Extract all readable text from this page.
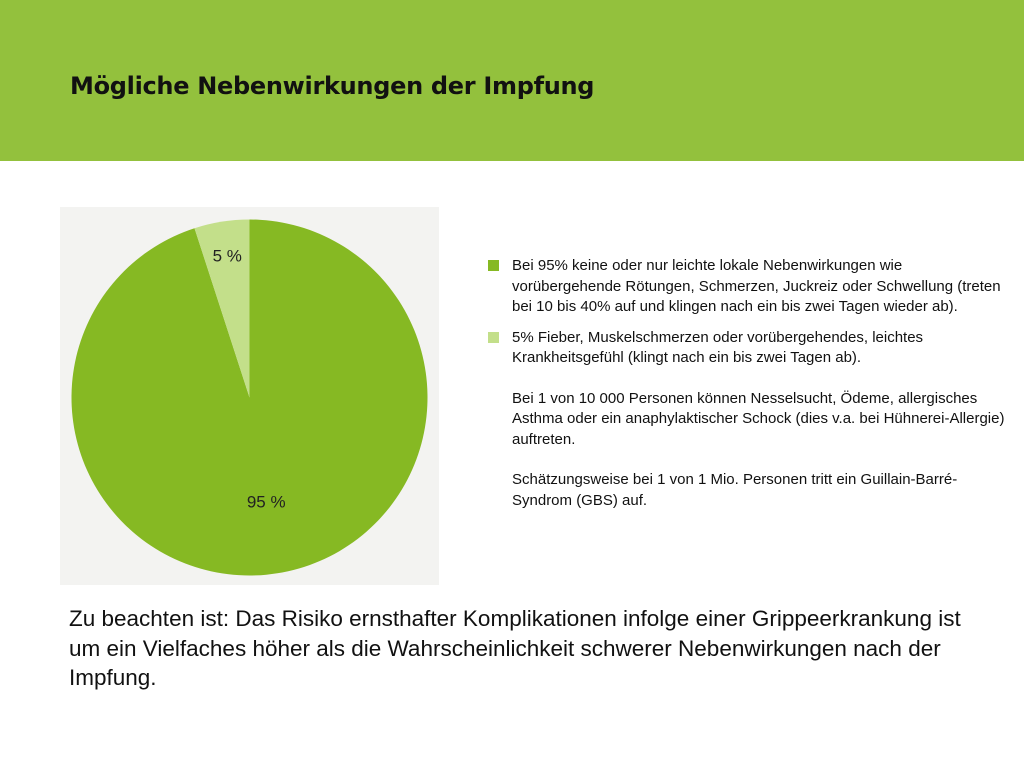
Mögliche Nebenwirkungen der Impfung
95 %
5 %

Bei 95% keine oder nur leichte lokale Nebenwirkungen wie vorübergehende Rötungen, Schmerzen, Juckreiz oder Schwellung (treten bei 10 bis 40% auf und klingen nach ein bis zwei Tagen wieder ab).

5% Fieber, Muskelschmerzen oder vorübergehendes, leichtes Krankheitsgefühl (klingt nach ein bis zwei Tagen ab).

Bei 1 von 10 000 Personen können Nesselsucht, Ödeme, allergisches Asthma oder ein anaphylaktischer Schock (dies v.a. bei Hühnerei-Allergie) auftreten.

Schätzungsweise bei 1 von 1 Mio. Personen tritt ein Guillain-Barré-Syndrom (GBS) auf.

Zu beachten ist: Das Risiko ernsthafter Komplikationen infolge einer Grippeerkrankung ist um ein Vielfaches höher als die Wahrscheinlichkeit schwerer Nebenwirkungen nach der Impfung.
